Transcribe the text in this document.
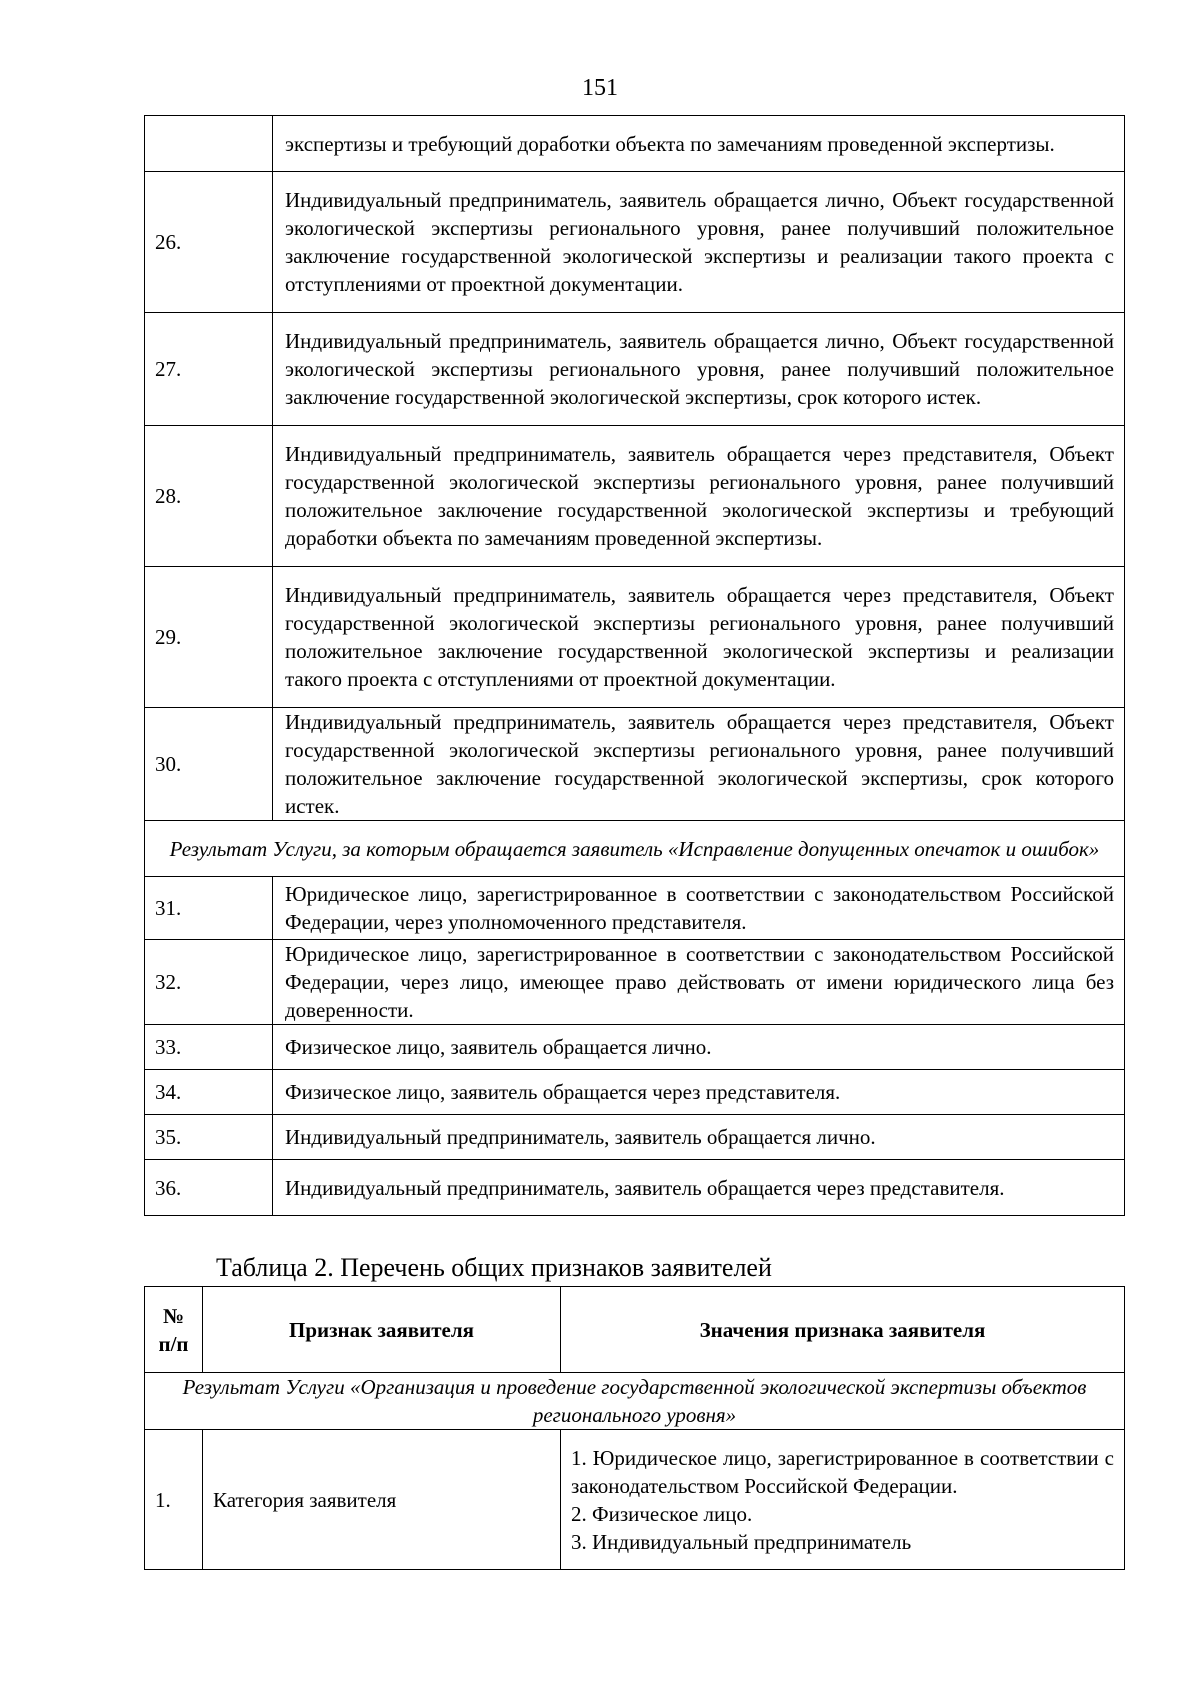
151
	экспертизы и требующий доработки объекта по замечаниям проведенной экспертизы.
26.	Индивидуальный предприниматель, заявитель обращается лично, Объект государственной экологической экспертизы регионального уровня, ранее получивший положительное заключение государственной экологической экспертизы и реализации такого проекта с отступлениями от проектной документации.
27.	Индивидуальный предприниматель, заявитель обращается лично, Объект государственной экологической экспертизы регионального уровня, ранее получивший положительное заключение государственной экологической экспертизы, срок которого истек.
28.	Индивидуальный предприниматель, заявитель обращается через представителя, Объект государственной экологической экспертизы регионального уровня, ранее получивший положительное заключение государственной экологической экспертизы и требующий доработки объекта по замечаниям проведенной экспертизы.
29.	Индивидуальный предприниматель, заявитель обращается через представителя, Объект государственной экологической экспертизы регионального уровня, ранее получивший положительное заключение государственной экологической экспертизы и реализации такого проекта с отступлениями от проектной документации.
30.	Индивидуальный предприниматель, заявитель обращается через представителя, Объект государственной экологической экспертизы регионального уровня, ранее получивший положительное заключение государственной экологической экспертизы, срок которого истек.
Результат Услуги, за которым обращается заявитель «Исправление допущенных опечаток и ошибок»	
31.	Юридическое лицо, зарегистрированное в соответствии с законодательством Российской Федерации, через уполномоченного представителя.
32.	Юридическое лицо, зарегистрированное в соответствии с законодательством Российской Федерации, через лицо, имеющее право действовать от имени юридического лица без доверенности.
33.	Физическое лицо, заявитель обращается лично.
34.	Физическое лицо, заявитель обращается через представителя.
35.	Индивидуальный предприниматель, заявитель обращается лично.
36.	Индивидуальный предприниматель, заявитель обращается через представителя.
Таблица 2. Перечень общих признаков заявителей
№
п/п	Признак заявителя	Значения признака заявителя
Результат Услуги «Организация и проведение государственной экологической экспертизы объектов регионального уровня»		
1.	Категория заявителя	1. Юридическое лицо, зарегистрированное в соответствии с законодательством Российской Федерации.
2. Физическое лицо.
3. Индивидуальный предприниматель
